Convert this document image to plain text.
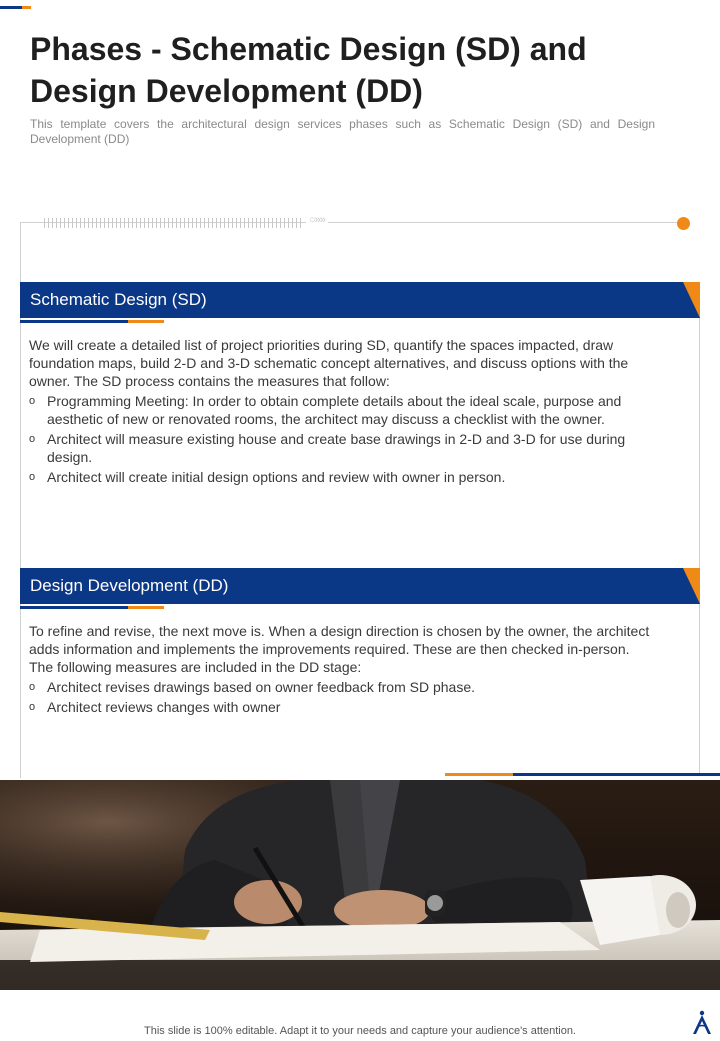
Phases - Schematic Design (SD) and Design Development (DD)
This template covers the architectural design services phases such as Schematic Design (SD) and Design Development (DD)
○»»
Schematic Design (SD)

We will create a detailed list of project priorities during SD, quantify the spaces impacted, draw foundation maps, build 2-D and 3-D schematic concept alternatives, and discuss options with the owner. The SD process contains the measures that follow:

o Programming Meeting: In order to obtain complete details about the ideal scale, purpose and aesthetic of new or renovated rooms, the architect may discuss a checklist with the owner.
o Architect will measure existing house and create base drawings in 2-D and 3-D for use during design.
o Architect will create initial design options and review with owner in person.
Design Development (DD)

To refine and revise, the next move is. When a design direction is chosen by the owner, the architect adds information and implements the improvements required. These are then checked in-person. The following measures are included in the DD stage:

o Architect revises drawings based on owner feedback from SD phase.
o Architect reviews changes with owner
This slide is 100% editable. Adapt it to your needs and capture your audience's attention.
